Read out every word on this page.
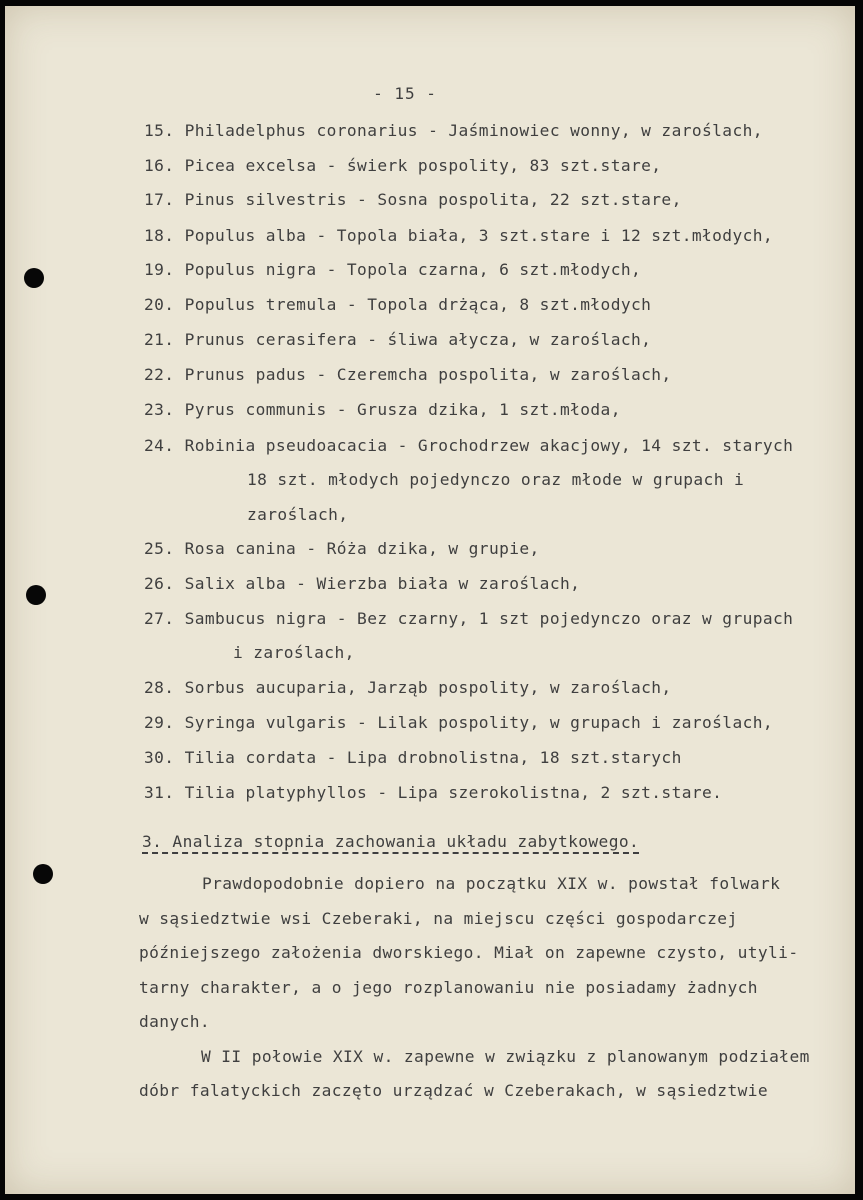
- 15 -
15. Philadelphus coronarius - Jaśminowiec wonny, w zaroślach,
16. Picea excelsa - świerk pospolity, 83 szt.stare,
17. Pinus silvestris - Sosna pospolita, 22 szt.stare,
18. Populus alba - Topola biała, 3 szt.stare i 12 szt.młodych,
19. Populus nigra - Topola czarna, 6 szt.młodych,
20. Populus tremula - Topola drżąca, 8 szt.młodych
21. Prunus cerasifera - śliwa ałycza, w zaroślach,
22. Prunus padus - Czeremcha pospolita, w zaroślach,
23. Pyrus communis - Grusza dzika, 1 szt.młoda,
24. Robinia pseudoacacia - Grochodrzew akacjowy, 14 szt. starych
18 szt. młodych pojedynczo oraz młode w grupach i
zaroślach,
25. Rosa canina - Róża dzika, w grupie,
26. Salix alba - Wierzba biała w zaroślach,
27. Sambucus nigra - Bez czarny, 1 szt pojedynczo oraz w grupach
i zaroślach,
28. Sorbus aucuparia, Jarząb pospolity, w zaroślach,
29. Syringa vulgaris - Lilak pospolity, w grupach i zaroślach,
30. Tilia cordata - Lipa drobnolistna, 18 szt.starych
31. Tilia platyphyllos - Lipa szerokolistna, 2 szt.stare.
3. Analiza stopnia zachowania układu zabytkowego.
Prawdopodobnie dopiero na początku XIX w. powstał folwark
w sąsiedztwie wsi Czeberaki, na miejscu części gospodarczej
późniejszego założenia dworskiego. Miał on zapewne czysto, utyli-
tarny charakter, a o jego rozplanowaniu nie posiadamy żadnych
danych.
W II połowie XIX w. zapewne w związku z planowanym podziałem
dóbr falatyckich zaczęto urządzać w Czeberakach, w sąsiedztwie
